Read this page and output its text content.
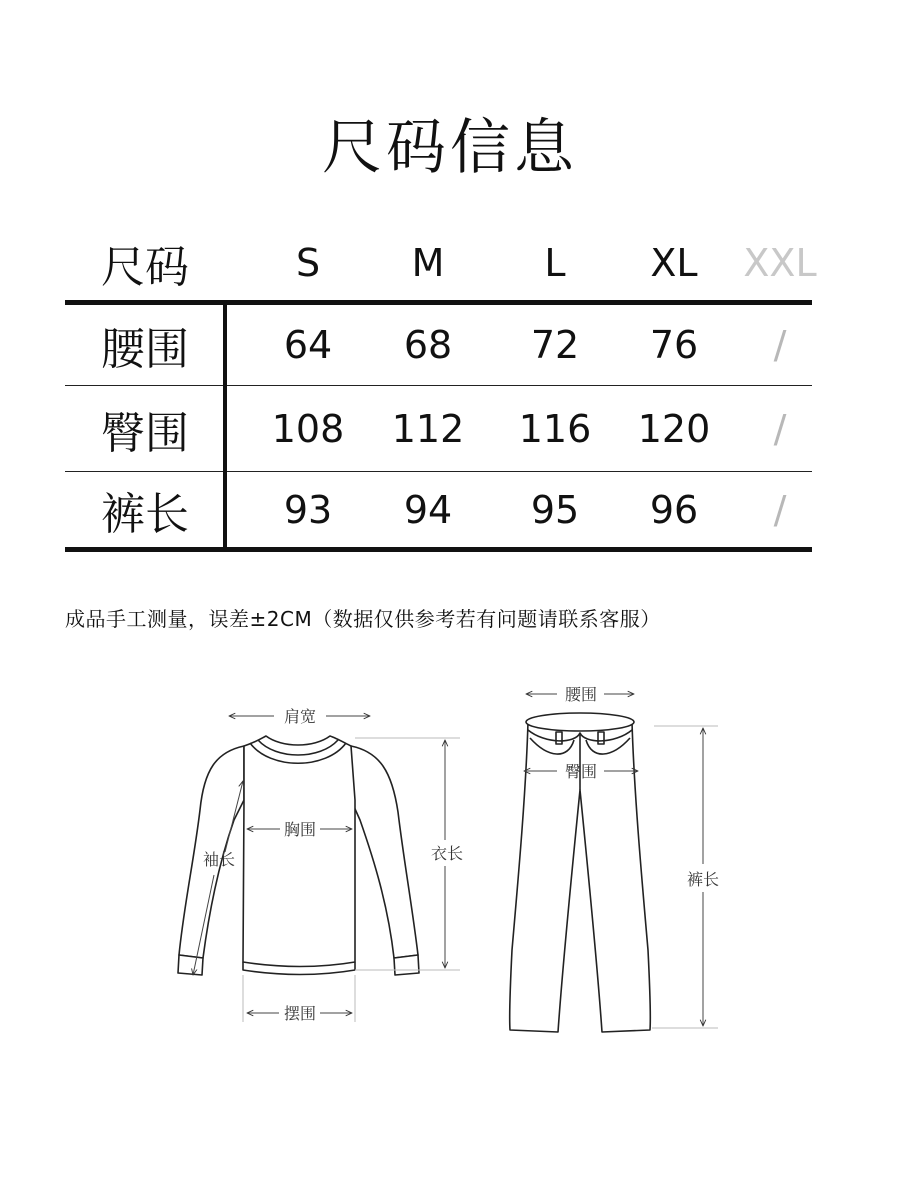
尺码信息
尺码	S	M	L	XL	XXL
腰围	64	68	72	76	/
臀围	108	112	116	120	/
裤长	93	94	95	96	/
成品手工测量，误差±2CM（数据仅供参考若有问题请联系客服）
肩宽
胸围
袖长	衣长
摆围
腰围
臀围
裤长
